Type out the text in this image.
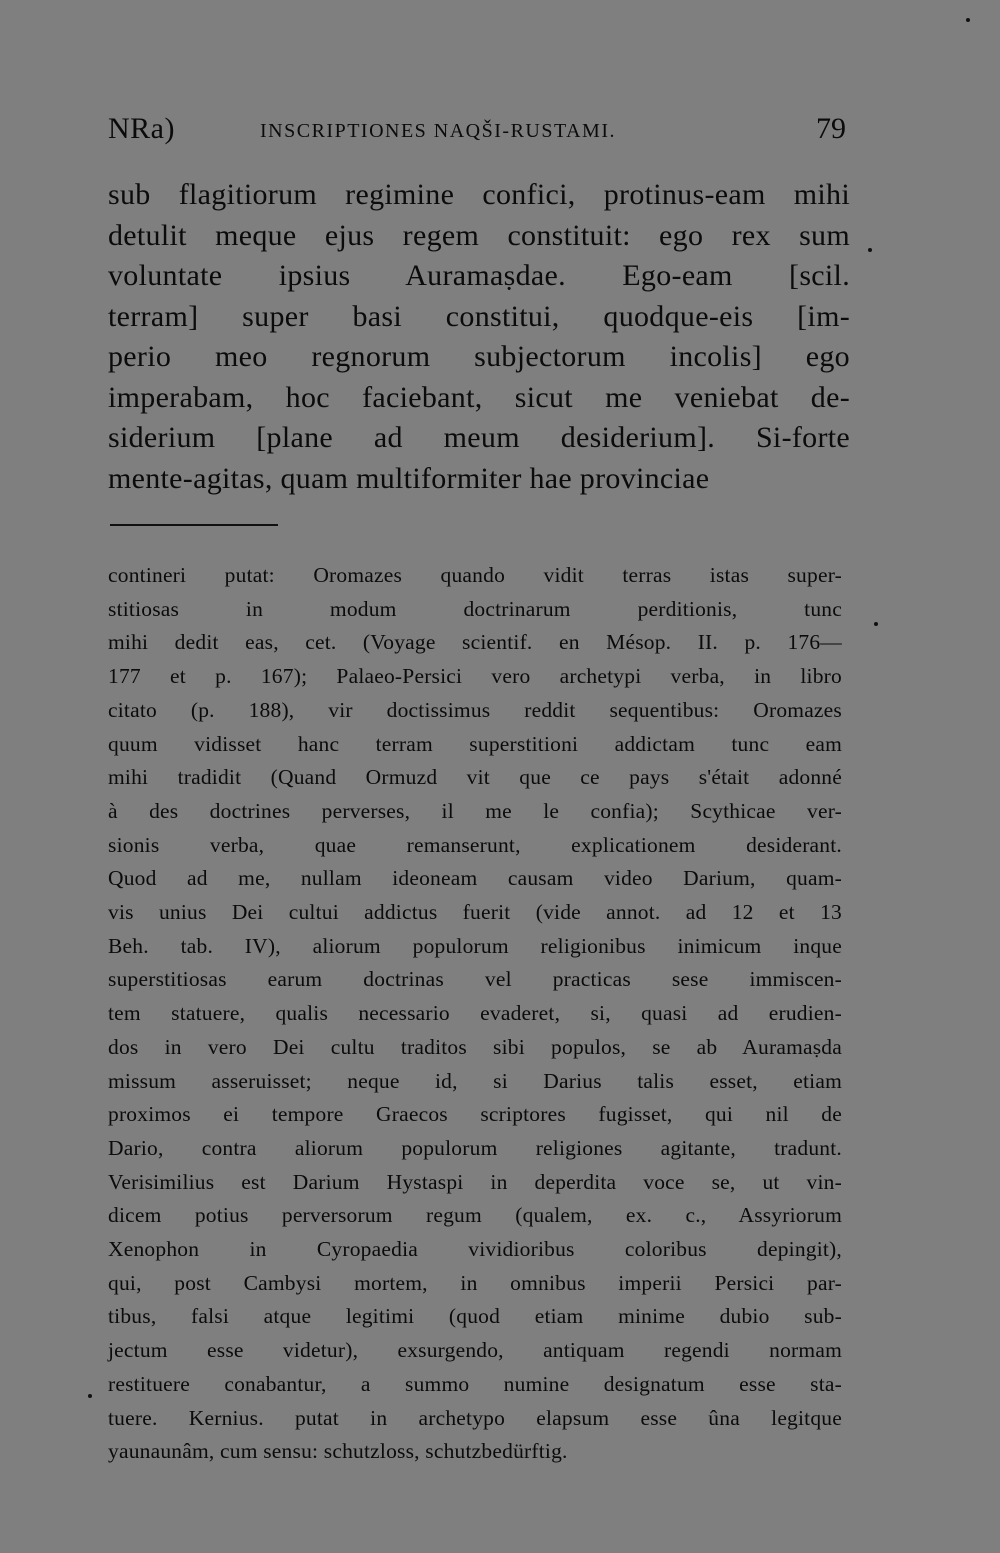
NRa)	INSCRIPTIONES NAQŠI-RUSTAMI.	79
sub flagitiorum regimine confici, protinus-eam mihi
detulit meque ejus regem constituit: ego rex sum
voluntate ipsius Auramaṣdae. Ego-eam [scil.
terram] super basi constitui, quodque-eis [im-
perio meo regnorum subjectorum incolis] ego
imperabam, hoc faciebant, sicut me veniebat de-
siderium [plane ad meum desiderium]. Si-forte
mente-agitas, quam multiformiter hae provinciae
contineri putat: Oromazes quando vidit terras istas super-
stitiosas in modum doctrinarum perditionis, tunc
mihi dedit eas, cet. (Voyage scientif. en Mésop. II. p. 176—
177 et p. 167); Palaeo-Persici vero archetypi verba, in libro
citato (p. 188), vir doctissimus reddit sequentibus: Oromazes
quum vidisset hanc terram superstitioni addictam tunc eam
mihi tradidit (Quand Ormuzd vit que ce pays s'était adonné
à des doctrines perverses, il me le confia); Scythicae ver-
sionis verba, quae remanserunt, explicationem desiderant.
Quod ad me, nullam ideoneam causam video Darium, quam-
vis unius Dei cultui addictus fuerit (vide annot. ad 12 et 13
Beh. tab. IV), aliorum populorum religionibus inimicum inque
superstitiosas earum doctrinas vel practicas sese immiscen-
tem statuere, qualis necessario evaderet, si, quasi ad erudien-
dos in vero Dei cultu traditos sibi populos, se ab Auramaṣda
missum asseruisset; neque id, si Darius talis esset, etiam
proximos ei tempore Graecos scriptores fugisset, qui nil de
Dario, contra aliorum populorum religiones agitante, tradunt.
Verisimilius est Darium Hystaspi in deperdita voce se, ut vin-
dicem potius perversorum regum (qualem, ex. c., Assyriorum
Xenophon in Cyropaedia vividioribus coloribus depingit),
qui, post Cambysi mortem, in omnibus imperii Persici par-
tibus, falsi atque legitimi (quod etiam minime dubio sub-
jectum esse videtur), exsurgendo, antiquam regendi normam
restituere conabantur, a summo numine designatum esse sta-
tuere. Kernius. putat in archetypo elapsum esse ûna legitque
yaunaunâm, cum sensu: schutzloss, schutzbedürftig.
